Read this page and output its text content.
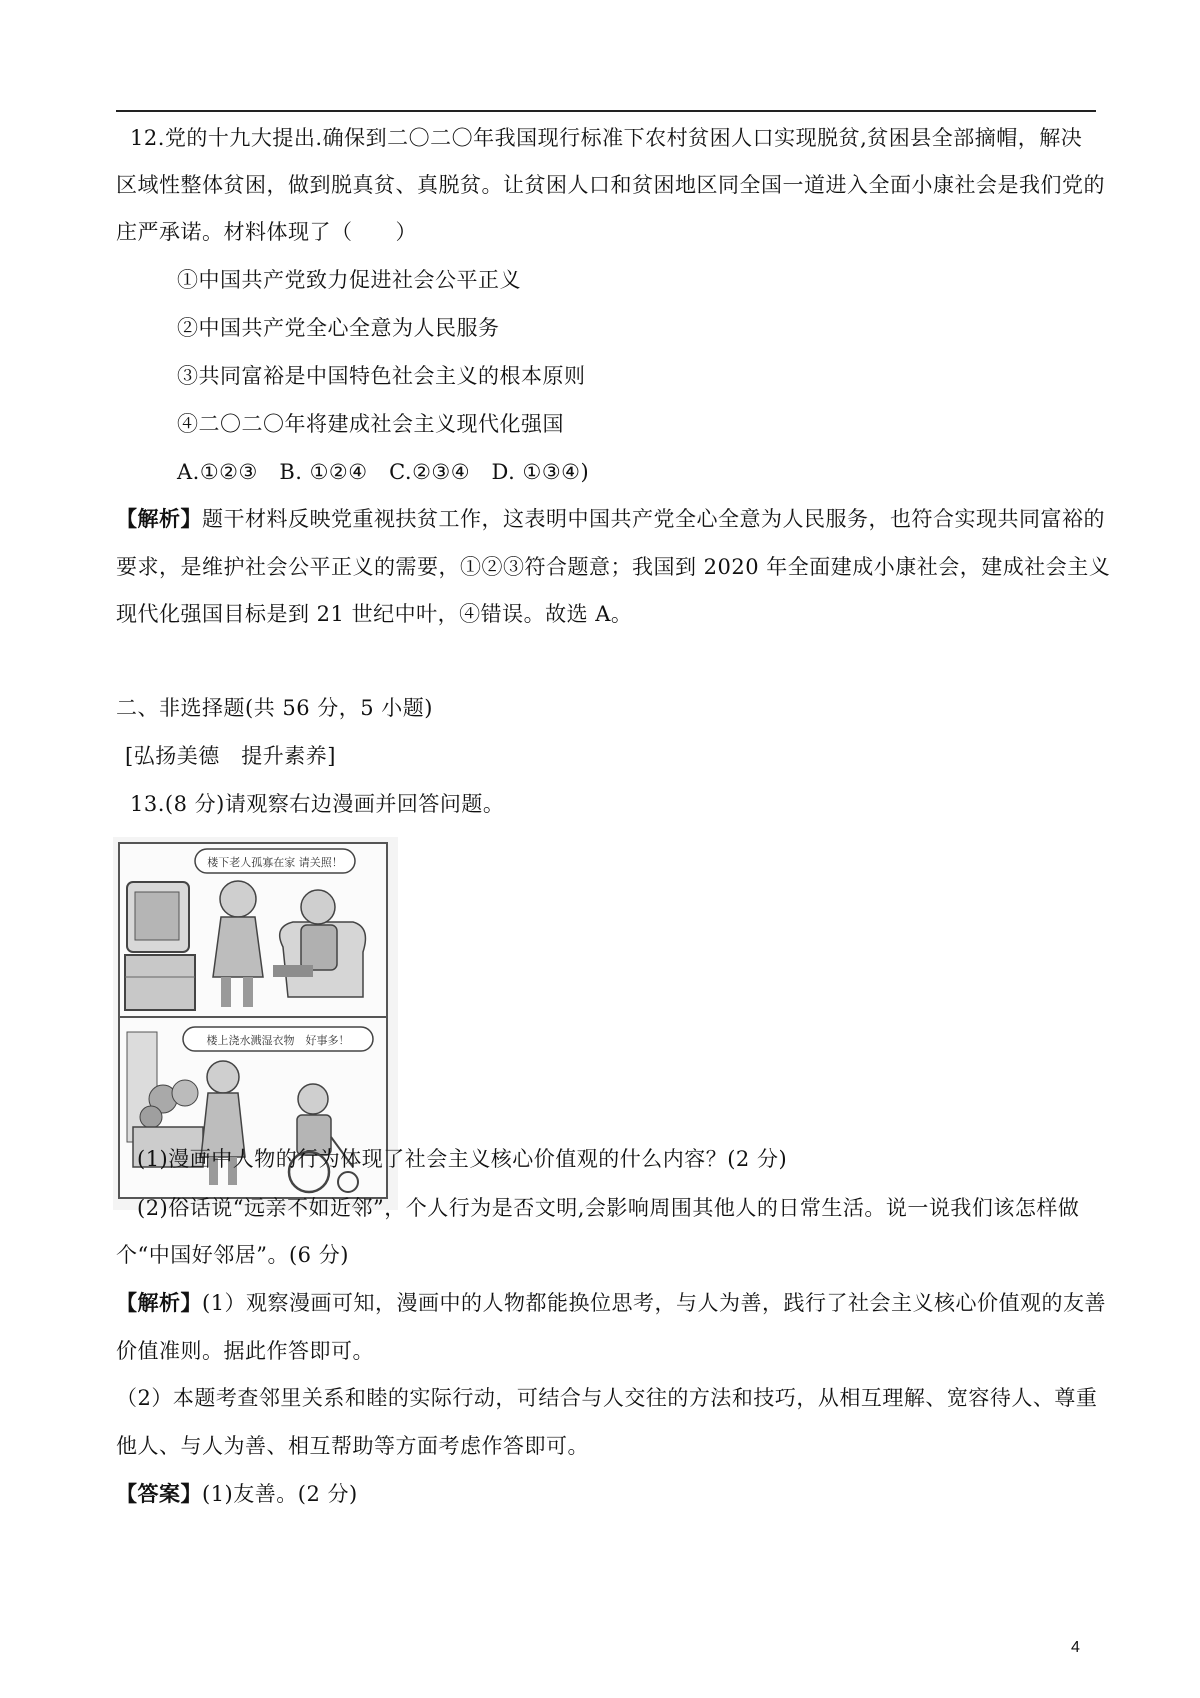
12.党的十九大提出.确保到二〇二〇年我国现行标准下农村贫困人口实现脱贫,贫困县全部摘帽，解决
区域性整体贫困，做到脱真贫、真脱贫。让贫困人口和贫困地区同全国一道进入全面小康社会是我们党的
庄严承诺。材料体现了（　　）
①中国共产党致力促进社会公平正义
②中国共产党全心全意为人民服务
③共同富裕是中国特色社会主义的根本原则
④二〇二〇年将建成社会主义现代化强国
A.①②③　B. ①②④　C.②③④　D. ①③④)
【解析】题干材料反映党重视扶贫工作，这表明中国共产党全心全意为人民服务，也符合实现共同富裕的
要求，是维护社会公平正义的需要，①②③符合题意；我国到 2020 年全面建成小康社会，建成社会主义
现代化强国目标是到 21 世纪中叶，④错误。故选 A。
二、非选择题(共 56 分，5 小题)
[弘扬美德　提升素养]
13.(8 分)请观察右边漫画并回答问题。
楼下老人孤寡在家 请关照！
楼上浇水溅湿衣物　好事多！
(1)漫画中人物的行为体现了社会主义核心价值观的什么内容？(2 分)
(2)俗话说“远亲不如近邻”，个人行为是否文明,会影响周围其他人的日常生活。说一说我们该怎样做
个“中国好邻居”。(6 分)
【解析】(1）观察漫画可知，漫画中的人物都能换位思考，与人为善，践行了社会主义核心价值观的友善
价值准则。据此作答即可。
（2）本题考查邻里关系和睦的实际行动，可结合与人交往的方法和技巧，从相互理解、宽容待人、尊重
他人、与人为善、相互帮助等方面考虑作答即可。
【答案】(1)友善。(2 分)
4
